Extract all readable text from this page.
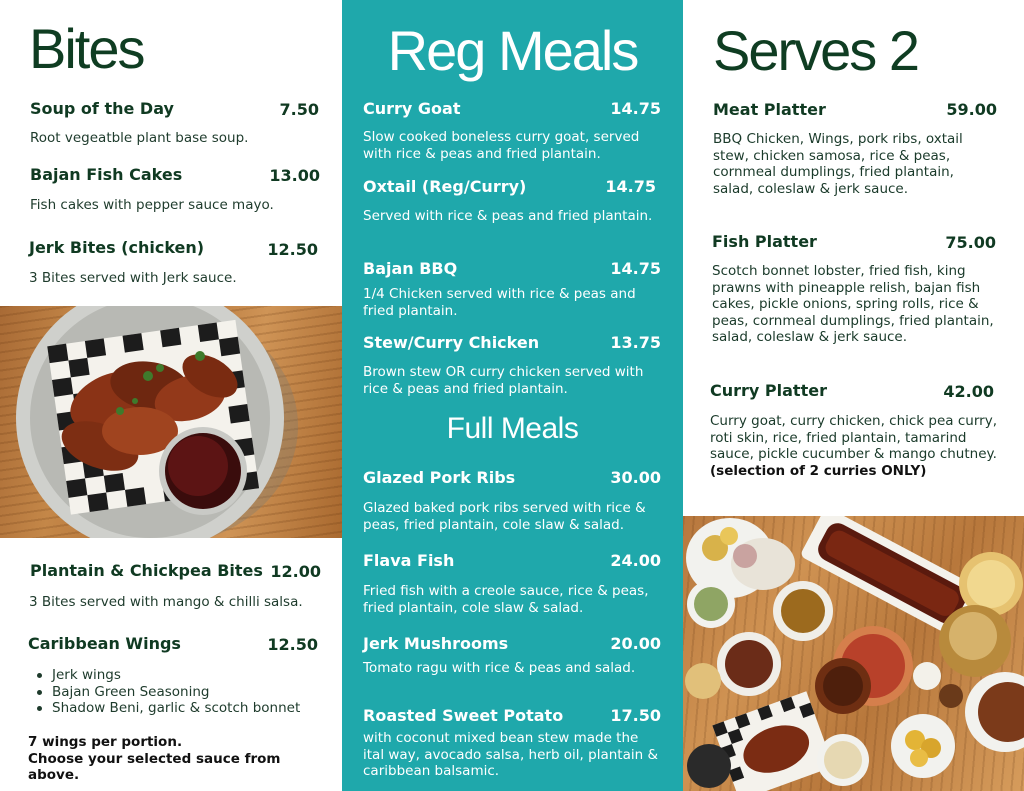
Bites
Soup of the Day	7.50
Root vegeatble plant base soup.
Bajan Fish Cakes	13.00
Fish cakes with pepper sauce mayo.
Jerk Bites (chicken)	12.50
3 Bites served with Jerk sauce.
Plantain & Chickpea Bites 12.00
3 Bites served with mango & chilli salsa.
Caribbean Wings	12.50
Jerk wings
Bajan Green Seasoning
Shadow Beni, garlic & scotch bonnet
7 wings per portion.
Choose your selected sauce from above.
Reg Meals
Curry Goat	14.75
Slow cooked boneless curry goat, served with rice & peas and fried plantain.
Oxtail (Reg/Curry)	14.75
Served with rice & peas and fried plantain.
Bajan BBQ	14.75
1/4 Chicken served with rice & peas and fried plantain.
Stew/Curry Chicken	13.75
Brown stew OR curry chicken served with rice & peas and fried plantain.
Full Meals
Glazed Pork Ribs	30.00
Glazed baked pork ribs served with rice & peas, fried plantain, cole slaw & salad.
Flava Fish	24.00
Fried fish with a creole sauce, rice & peas, fried plantain, cole slaw & salad.
Jerk Mushrooms	20.00
Tomato ragu with rice & peas and salad.
Roasted Sweet Potato	17.50
with coconut mixed bean stew made the ital way, avocado salsa, herb oil, plantain & caribbean balsamic.
Serves 2
Meat Platter	59.00
BBQ Chicken, Wings, pork ribs, oxtail stew, chicken samosa, rice & peas, cornmeal dumplings, fried plantain, salad, coleslaw & jerk sauce.
Fish Platter	75.00
Scotch bonnet lobster, fried fish, king prawns with pineapple relish, bajan fish cakes, pickle onions, spring rolls, rice & peas, cornmeal dumplings, fried plantain, salad, coleslaw & jerk sauce.
Curry Platter	42.00
Curry goat, curry chicken, chick pea curry, roti skin, rice, fried plantain, tamarind sauce, pickle cucumber & mango chutney.
(selection of 2 curries ONLY)
